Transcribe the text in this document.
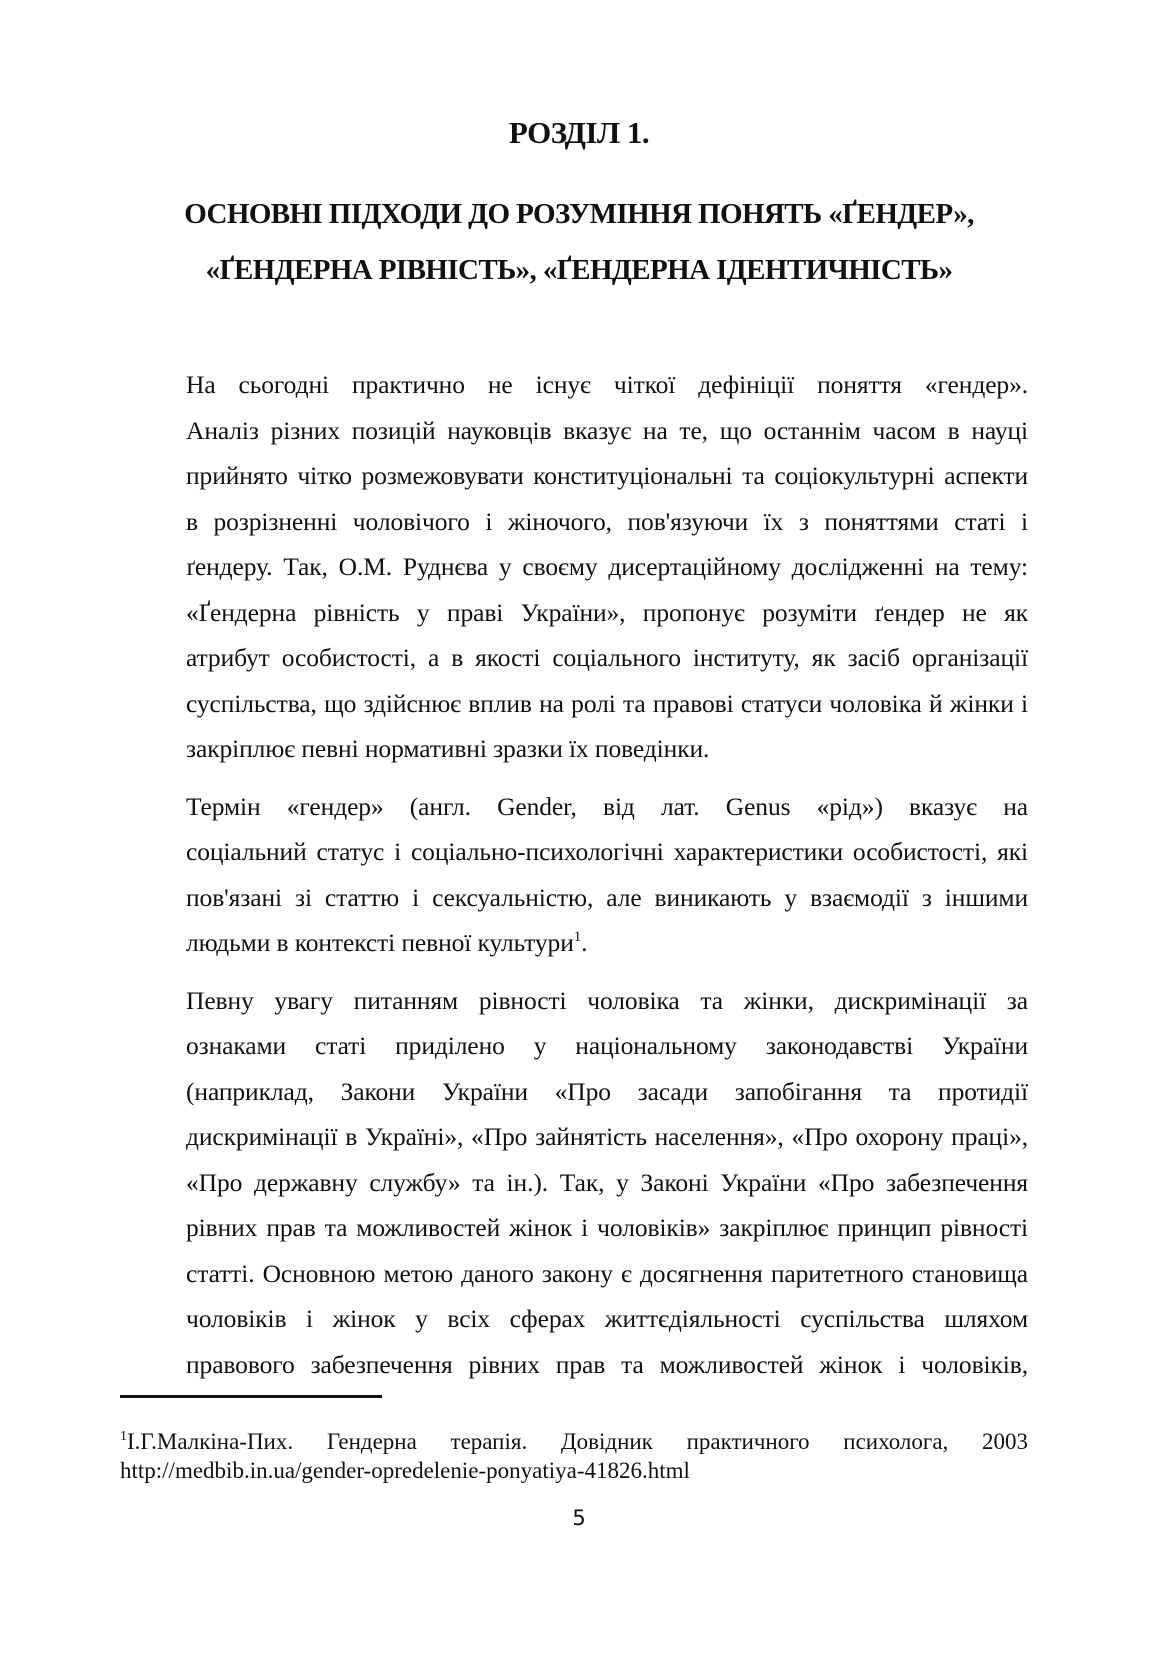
РОЗДІЛ 1.
ОСНОВНІ ПІДХОДИ ДО РОЗУМІННЯ ПОНЯТЬ «ҐЕНДЕР»,
«ҐЕНДЕРНА РІВНІСТЬ», «ҐЕНДЕРНА ІДЕНТИЧНІСТЬ»
На сьогодні практично не існує чіткої дефініції поняття «гендер».
Аналіз різних позицій науковців вказує на те, що останнім часом в науці
прийнято чітко розмежовувати конституціональні та соціокультурні аспекти
в розрізненні чоловічого і жіночого, пов'язуючи їх з поняттями статі і
ґендеру. Так, О.М. Руднєва у своєму дисертаційному дослідженні на тему:
«Ґендерна рівність у праві України», пропонує розуміти ґендер не як
атрибут особистості, а в якості соціального інституту, як засіб організації
суспільства, що здійснює вплив на ролі та правові статуси чоловіка й жінки і
закріплює певні нормативні зразки їх поведінки.
Термін «гендер» (англ. Gender, від лат. Genus «рід») вказує на
соціальний статус і соціально-психологічні характеристики особистості, які
пов'язані зі статтю і сексуальністю, але виникають у взаємодії з іншими
людьми в контексті певної культури$^1$.
Певну увагу питанням рівності чоловіка та жінки, дискримінації за
ознаками статі приділено у національному законодавстві України
(наприклад, Закони України «Про засади запобігання та протидії
дискримінації в Україні», «Про зайнятість населення», «Про охорону праці»,
«Про державну службу» та ін.). Так, у Законі України «Про забезпечення
рівних прав та можливостей жінок і чоловіків» закріплює принцип рівності
статті. Основною метою даного закону є досягнення паритетного становища
чоловіків і жінок у всіх сферах життєдіяльності суспільства шляхом
правового забезпечення рівних прав та можливостей жінок і чоловіків,
$^1$І.Г.Малкіна-Пих. Гендерна терапія. Довідник практичного психолога, 2003
http://medbib.in.ua/gender-opredelenie-ponyatiya-41826.html
5
